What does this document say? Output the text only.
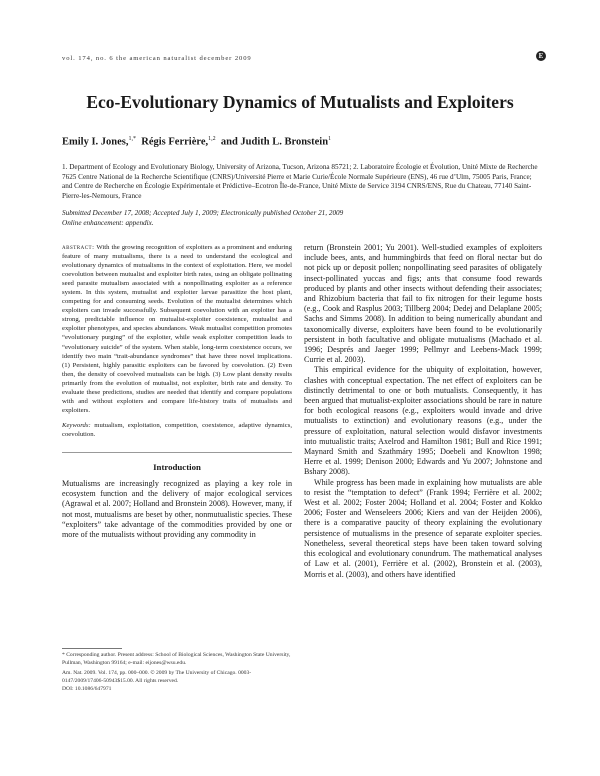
vol. 174, no. 6 the american naturalist december 2009	E
Eco-Evolutionary Dynamics of Mutualists and Exploiters
Emily I. Jones,$^{1,*}$ Régis Ferrière,$^{1,2}$ and Judith L. Bronstein$^1$
1. Department of Ecology and Evolutionary Biology, University of Arizona, Tucson, Arizona 85721; 2. Laboratoire Écologie et Évolution, Unité Mixte de Recherche 7625 Centre National de la Recherche Scientifique (CNRS)/Université Pierre et Marie Curie/École Normale Supérieure (ENS), 46 rue d’Ulm, 75005 Paris, France; and Centre de Recherche en Écologie Expérimentale et Prédictive–Ecotron Île-de-France, Unité Mixte de Service 3194 CNRS/ENS, Rue du Chateau, 77140 Saint-Pierre-les-Nemours, France
Submitted December 17, 2008; Accepted July 1, 2009; Electronically published October 21, 2009
Online enhancement: appendix.

abstract: With the growing recognition of exploiters as a prominent and enduring feature of many mutualisms, there is a need to understand the ecological and evolutionary dynamics of mutualisms in the context of exploitation. Here, we model coevolution between mutualist and exploiter birth rates, using an obligate pollinating seed parasite mutualism associated with a nonpollinating exploiter as a reference system. In this system, mutualist and exploiter larvae parasitize the host plant, competing for and consuming seeds. Evolution of the mutualist determines which exploiters can invade successfully. Subsequent coevolution with an exploiter has a strong, predictable influence on mutualist-exploiter coexistence, mutualist and exploiter phenotypes, and species abundances. Weak mutualist competition promotes “evolutionary purging” of the exploiter, while weak exploiter competition leads to “evolutionary suicide” of the system. When stable, long-term coexistence occurs, we identify two main “trait-abundance syndromes” that have three novel implications. (1) Persistent, highly parasitic exploiters can be favored by coevolution. (2) Even then, the density of coevolved mutualists can be high. (3) Low plant density results primarily from the evolution of mutualist, not exploiter, birth rate and density. To evaluate these predictions, studies are needed that identify and compare populations with and without exploiters and compare life-history traits of mutualists and exploiters.

Keywords: mutualism, exploitation, competition, coexistence, adaptive dynamics, coevolution.

Introduction

Mutualisms are increasingly recognized as playing a key role in ecosystem function and the delivery of major ecological services (Agrawal et al. 2007; Holland and Bronstein 2008). However, many, if not most, mutualisms are beset by other, nonmutualistic species. These “exploiters” take advantage of the commodities provided by one or more of the mutualists without providing any commodity in

return (Bronstein 2001; Yu 2001). Well-studied examples of exploiters include bees, ants, and hummingbirds that feed on floral nectar but do not pick up or deposit pollen; nonpollinating seed parasites of obligately insect-pollinated yuccas and figs; ants that consume food rewards produced by plants and other insects without defending their associates; and Rhizobium bacteria that fail to fix nitrogen for their legume hosts (e.g., Cook and Rasplus 2003; Tillberg 2004; Dedej and Delaplane 2005; Sachs and Simms 2008). In addition to being numerically abundant and taxonomically diverse, exploiters have been found to be evolutionarily persistent in both facultative and obligate mutualisms (Machado et al. 1996; Després and Jaeger 1999; Pellmyr and Leebens-Mack 1999; Currie et al. 2003).

This empirical evidence for the ubiquity of exploitation, however, clashes with conceptual expectation. The net effect of exploiters can be distinctly detrimental to one or both mutualists. Consequently, it has been argued that mutualist-exploiter associations should be rare in nature for both ecological reasons (e.g., exploiters would invade and drive mutualists to extinction) and evolutionary reasons (e.g., under the pressure of exploitation, natural selection would disfavor investments into mutualistic traits; Axelrod and Hamilton 1981; Bull and Rice 1991; Maynard Smith and Szathmáry 1995; Doebeli and Knowlton 1998; Herre et al. 1999; Denison 2000; Edwards and Yu 2007; Johnstone and Bshary 2008).

While progress has been made in explaining how mutualists are able to resist the “temptation to defect” (Frank 1994; Ferrière et al. 2002; West et al. 2002; Foster 2004; Holland et al. 2004; Foster and Kokko 2006; Foster and Wenseleers 2006; Kiers and van der Heijden 2006), there is a comparative paucity of theory explaining the evolutionary persistence of mutualisms in the presence of separate exploiter species. Nonetheless, several theoretical steps have been taken toward solving this ecological and evolutionary conundrum. The mathematical analyses of Law et al. (2001), Ferrière et al. (2002), Bronstein et al. (2003), Morris et al. (2003), and others have identified

* Corresponding author. Present address: School of Biological Sciences, Washington State University, Pullman, Washington 99164; e-mail: eijones@wsu.edu.

Am. Nat. 2009. Vol. 174, pp. 000–000. © 2009 by The University of Chicago. 0003-0147/2009/17406-50943$15.00. All rights reserved.

DOI: 10.1086/647971
